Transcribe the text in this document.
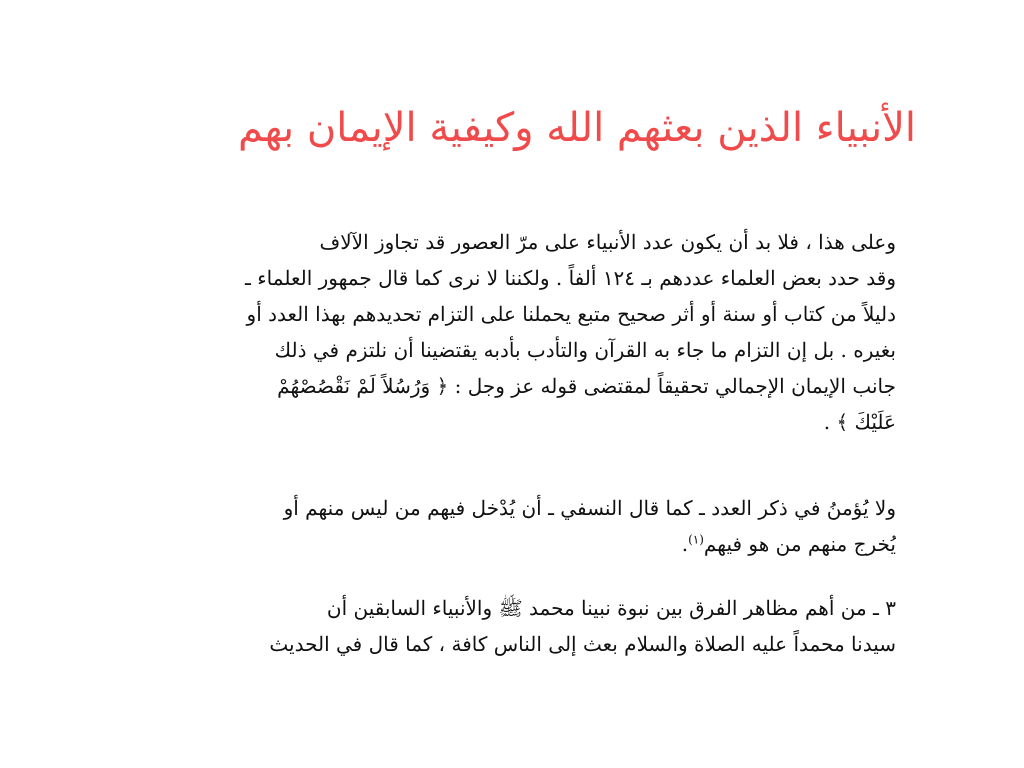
الأنبياء الذين بعثهم الله وكيفية الإيمان بهم
وعلى هذا ، فلا بد أن يكون عدد الأنبياء على مرّ العصور قد تجاوز الآلاف
وقد حدد بعض العلماء عددهم بـ ١٢٤ ألفاً . ولكننا لا نرى كما قال جمهور العلماء ـ
دليلاً من كتاب أو سنة أو أثر صحيح متبع يحملنا على التزام تحديدهم بهذا العدد أو
بغيره . بل إن التزام ما جاء به القرآن والتأدب بأدبه يقتضينا أن نلتزم في ذلك
جانب الإيمان الإجمالي تحقيقاً لمقتضى قوله عز وجل : ﴿ وَرُسُلاً لَمْ نَقْصُصْهُمْ
عَلَيْكَ ﴾ .
ولا يُؤمنُ في ذكر العدد ـ كما قال النسفي ـ أن يُدْخل فيهم من ليس منهم أو
يُخرج منهم من هو فيهم$^{(١)}$.
٣ ـ من أهم مظاهر الفرق بين نبوة نبينا محمد ﷺ والأنبياء السابقين أن
سيدنا محمداً عليه الصلاة والسلام بعث إلى الناس كافة ، كما قال في الحديث
